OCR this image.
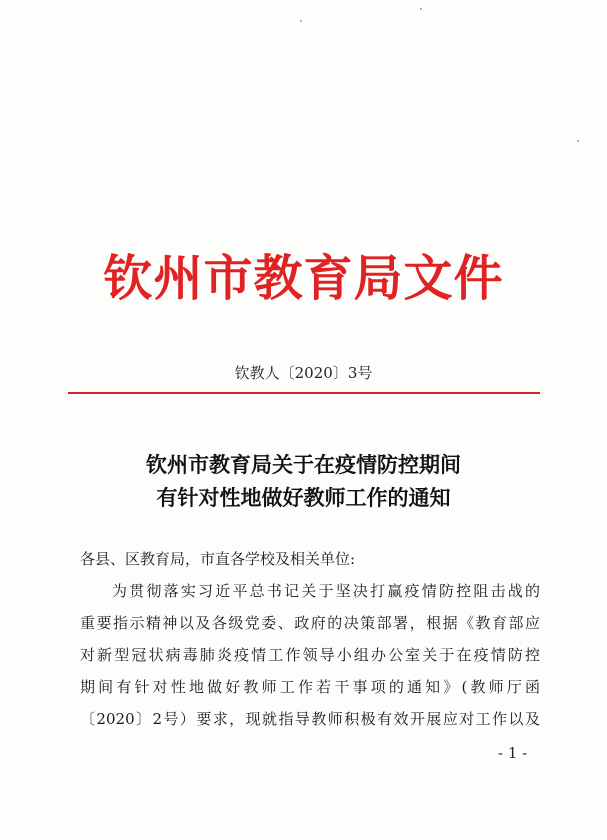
钦州市教育局文件
钦教人〔2020〕3号
钦州市教育局关于在疫情防控期间
有针对性地做好教师工作的通知
各县、区教育局，市直各学校及相关单位:
为贯彻落实习近平总书记关于坚决打赢疫情防控阻击战的
重要指示精神以及各级党委、政府的决策部署，根据《教育部应
对新型冠状病毒肺炎疫情工作领导小组办公室关于在疫情防控
期间有针对性地做好教师工作若干事项的通知》(教师厅函
〔2020〕2号）要求，现就指导教师积极有效开展应对工作以及
- 1 -
